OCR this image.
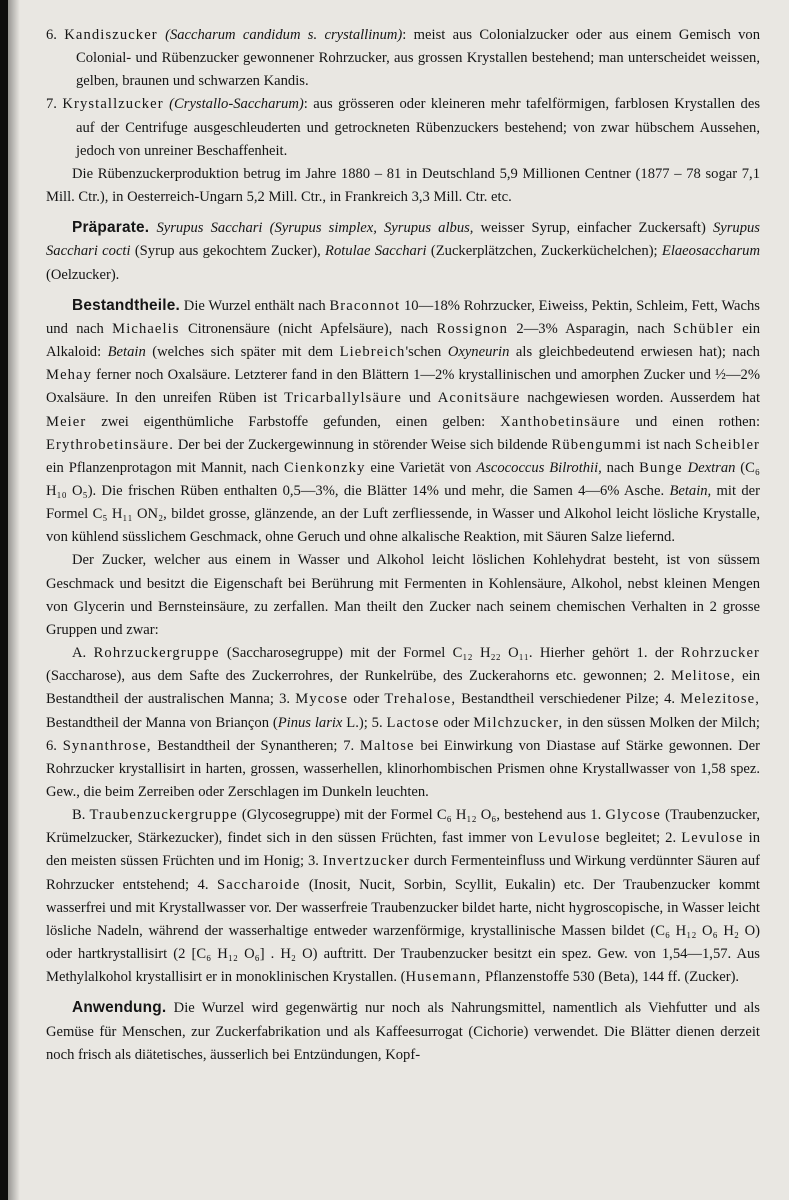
6. Kandiszucker (Saccharum candidum s. crystallinum): meist aus Colonialzucker oder aus einem Gemisch von Colonial- und Rübenzucker gewonnener Rohrzucker, aus grossen Krystallen bestehend; man unterscheidet weissen, gelben, braunen und schwarzen Kandis.

7. Krystallzucker (Crystallo-Saccharum): aus grösseren oder kleineren mehr tafelförmigen, farblosen Krystallen des auf der Centrifuge ausgeschleuderten und getrockneten Rübenzuckers bestehend; von zwar hübschem Aussehen, jedoch von unreiner Beschaffenheit.

Die Rübenzuckerproduktion betrug im Jahre 1880 – 81 in Deutschland 5,9 Millionen Centner (1877 – 78 sogar 7,1 Mill. Ctr.), in Oesterreich-Ungarn 5,2 Mill. Ctr., in Frankreich 3,3 Mill. Ctr. etc.

Präparate. Syrupus Sacchari (Syrupus simplex, Syrupus albus, weisser Syrup, einfacher Zuckersaft) Syrupus Sacchari cocti (Syrup aus gekochtem Zucker), Rotulae Sacchari (Zuckerplätzchen, Zuckerküchelchen); Elaeosaccharum (Oelzucker).

Bestandtheile. Die Wurzel enthält nach Braconnot 10—18% Rohrzucker, Eiweiss, Pektin, Schleim, Fett, Wachs und nach Michaelis Citronensäure (nicht Apfelsäure), nach Rossignon 2—3% Asparagin, nach Schübler ein Alkaloid: Betain (welches sich später mit dem Liebreich'schen Oxyneurin als gleichbedeutend erwiesen hat); nach Mehay ferner noch Oxalsäure. Letzterer fand in den Blättern 1—2% krystallinischen und amorphen Zucker und ½—2% Oxalsäure. In den unreifen Rüben ist Tricarballylsäure und Aconitsäure nachgewiesen worden. Ausserdem hat Meier zwei eigenthümliche Farbstoffe gefunden, einen gelben: Xanthobetinsäure und einen rothen: Erythrobetinsäure. Der bei der Zuckergewinnung in störender Weise sich bildende Rübengummi ist nach Scheibler ein Pflanzenprotagon mit Mannit, nach Cienkonzky eine Varietät von Ascococcus Bilrothii, nach Bunge Dextran (C₆ H₁₀ O₅). Die frischen Rüben enthalten 0,5—3%, die Blätter 14% und mehr, die Samen 4—6% Asche. Betain, mit der Formel C₅ H₁₁ ON₂, bildet grosse, glänzende, an der Luft zerfliessende, in Wasser und Alkohol leicht lösliche Krystalle, von kühlend süsslichem Geschmack, ohne Geruch und ohne alkalische Reaktion, mit Säuren Salze liefernd.

Der Zucker, welcher aus einem in Wasser und Alkohol leicht löslichen Kohlehydrat besteht, ist von süssem Geschmack und besitzt die Eigenschaft bei Berührung mit Fermenten in Kohlensäure, Alkohol, nebst kleinen Mengen von Glycerin und Bernsteinsäure, zu zerfallen. Man theilt den Zucker nach seinem chemischen Verhalten in 2 grosse Gruppen und zwar:

A. Rohrzuckergruppe (Saccharosegruppe) mit der Formel C₁₂ H₂₂ O₁₁. Hierher gehört 1. der Rohrzucker (Saccharose), aus dem Safte des Zuckerrohres, der Runkelrübe, des Zuckerahorns etc. gewonnen; 2. Melitose, ein Bestandtheil der australischen Manna; 3. Mycose oder Trehalose, Bestandtheil verschiedener Pilze; 4. Melezitose, Bestandtheil der Manna von Briançon (Pinus larix L.); 5. Lactose oder Milchzucker, in den süssen Molken der Milch; 6. Synanthrose, Bestandtheil der Synantheren; 7. Maltose bei Einwirkung von Diastase auf Stärke gewonnen. Der Rohrzucker krystallisirt in harten, grossen, wasserhellen, klinorhombischen Prismen ohne Krystallwasser von 1,58 spez. Gew., die beim Zerreiben oder Zerschlagen im Dunkeln leuchten.

B. Traubenzuckergruppe (Glycosegruppe) mit der Formel C₆ H₁₂ O₆, bestehend aus 1. Glycose (Traubenzucker, Krümelzucker, Stärkezucker), findet sich in den süssen Früchten, fast immer von Levulose begleitet; 2. Levulose in den meisten süssen Früchten und im Honig; 3. Invertzucker durch Fermenteinfluss und Wirkung verdünnter Säuren auf Rohrzucker entstehend; 4. Saccharoide (Inosit, Nucit, Sorbin, Scyllit, Eukalin) etc. Der Traubenzucker kommt wasserfrei und mit Krystallwasser vor. Der wasserfreie Traubenzucker bildet harte, nicht hygroscopische, in Wasser leicht lösliche Nadeln, während der wasserhaltige entweder warzenförmige, krystallinische Massen bildet (C₆ H₁₂ O₆ H₂ O) oder hartkrystallisirt (2 [C₆ H₁₂ O₆] . H₂ O) auftritt. Der Traubenzucker besitzt ein spez. Gew. von 1,54—1,57. Aus Methylalkohol krystallisirt er in monoklinischen Krystallen. (Husemann, Pflanzenstoffe 530 (Beta), 144 ff. (Zucker).

Anwendung. Die Wurzel wird gegenwärtig nur noch als Nahrungsmittel, namentlich als Viehfutter und als Gemüse für Menschen, zur Zuckerfabrikation und als Kaffeesurrogat (Cichorie) verwendet. Die Blätter dienen derzeit noch frisch als diätetisches, äusserlich bei Entzündungen, Kopf-
